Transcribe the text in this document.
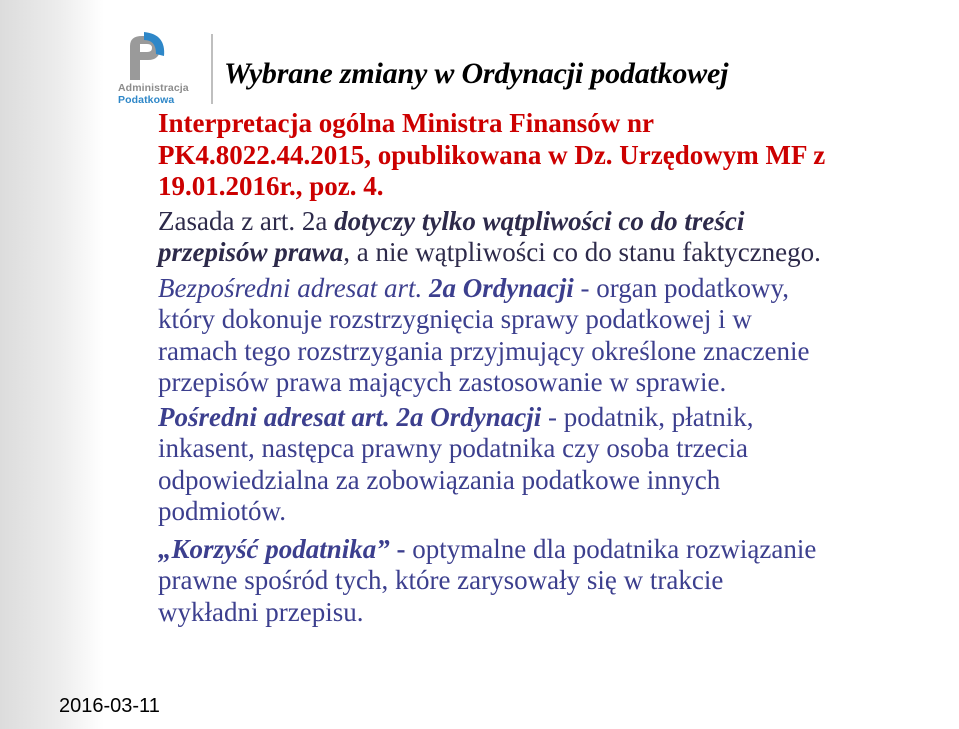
Administracja
Podatkowa
Wybrane zmiany w Ordynacji podatkowej
Interpretacja ogólna Ministra Finansów nr
PK4.8022.44.2015, opublikowana w Dz. Urzędowym MF z
19.01.2016r., poz. 4.
Zasada z art. 2a dotyczy tylko wątpliwości co do treści
przepisów prawa, a nie wątpliwości co do stanu faktycznego.
Bezpośredni adresat art. 2a Ordynacji - organ podatkowy,
który dokonuje rozstrzygnięcia sprawy podatkowej i w
ramach tego rozstrzygania przyjmujący określone znaczenie
przepisów prawa mających zastosowanie w sprawie.
Pośredni adresat art. 2a Ordynacji - podatnik, płatnik,
inkasent, następca prawny podatnika czy osoba trzecia
odpowiedzialna za zobowiązania podatkowe innych
podmiotów.
„Korzyść podatnika” - optymalne dla podatnika rozwiązanie
prawne spośród tych, które zarysowały się w trakcie
wykładni przepisu.
2016-03-11
